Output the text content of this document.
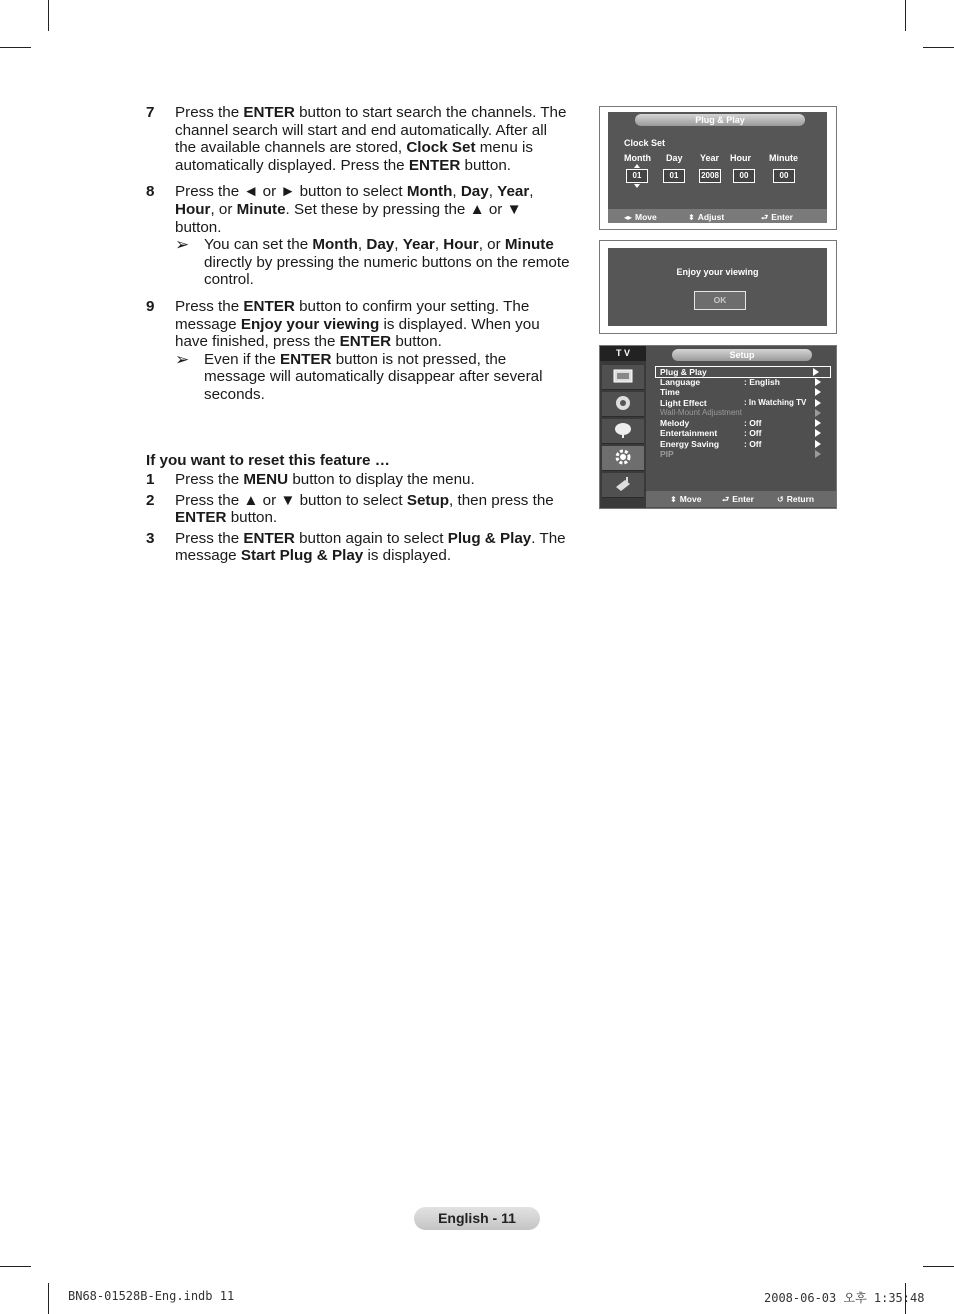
7	Press the ENTER button to start search the channels. The channel search will start and end automatically. After all the available channels are stored, Clock Set menu is automatically displayed. Press the ENTER button.
8	Press the ◄ or ► button to select Month, Day, Year, Hour, or Minute. Set these by pressing the ▲ or ▼ button.
➢ You can set the Month, Day, Year, Hour, or Minute directly by pressing the numeric buttons on the remote control.
9	Press the ENTER button to confirm your setting. The message Enjoy your viewing is displayed. When you have finished, press the ENTER button.
➢ Even if the ENTER button is not pressed, the message will automatically disappear after several seconds.
If you want to reset this feature …
1 Press the MENU button to display the menu.
2 Press the ▲ or ▼ button to select Setup, then press the ENTER button.
3 Press the ENTER button again to select Plug & Play. The message Start Plug & Play is displayed.
Plug & Play
Clock Set
Month Day Year Hour Minute
01	01	2008	00	00
◂▸ Move	⬍ Adjust	⮐ Enter
Enjoy your viewing
OK
T V	Setup
Plug & Play
Language	: English
Time
Light Effect	: In Watching TV
Wall-Mount Adjustment
Melody	: Off
Entertainment	: Off
Energy Saving	: Off
PIP
⬍ Move	⮐ Enter	↺ Return
English - 11
BN68-01528B-Eng.indb 11	2008-06-03 오후 1:35:48
